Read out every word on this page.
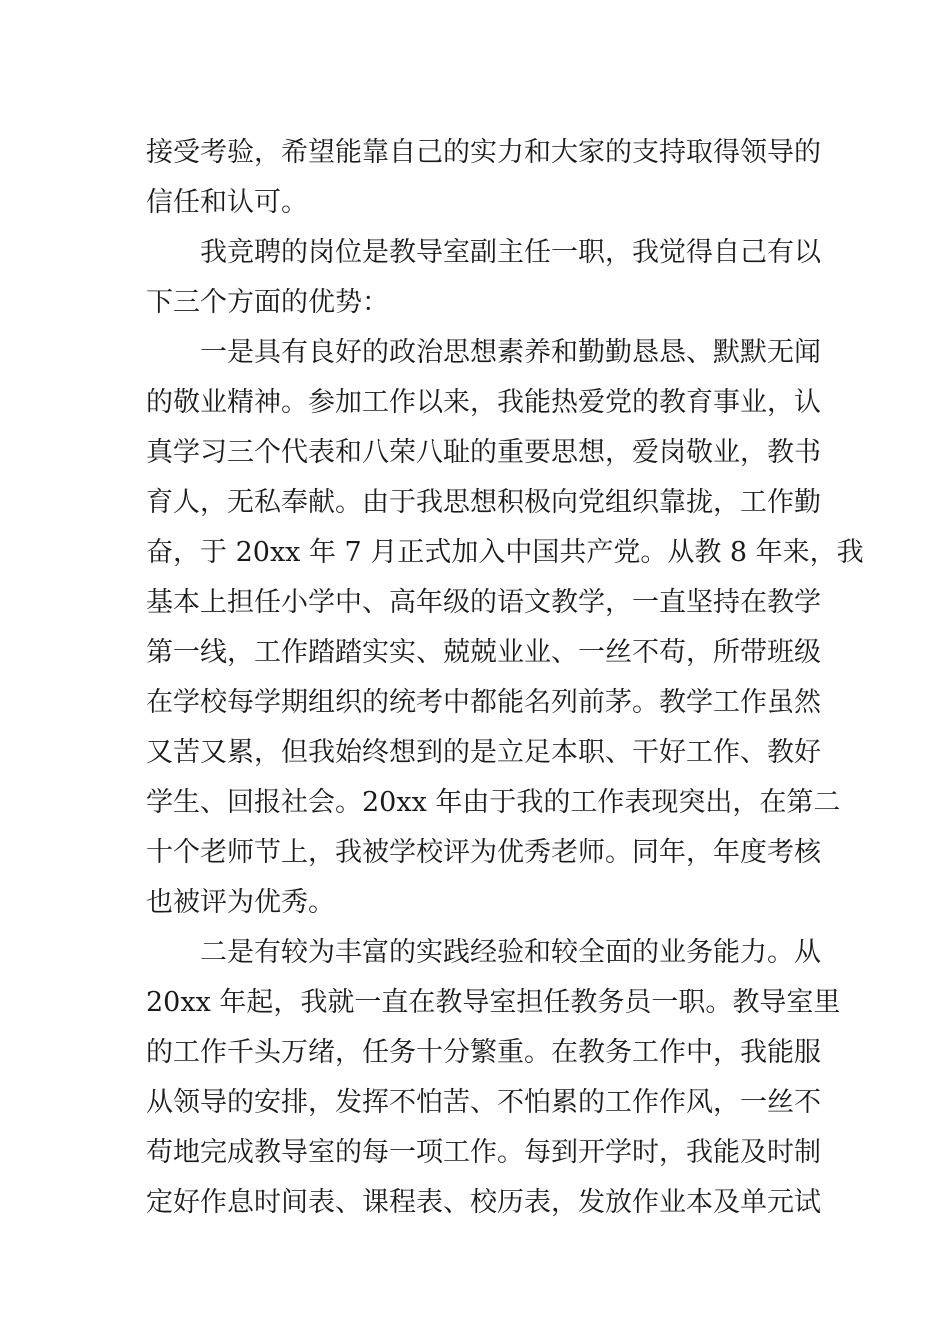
接受考验，希望能靠自己的实力和大家的支持取得领导的
信任和认可。
我竞聘的岗位是教导室副主任一职，我觉得自己有以
下三个方面的优势：
一是具有良好的政治思想素养和勤勤恳恳、默默无闻
的敬业精神。参加工作以来，我能热爱党的教育事业，认
真学习三个代表和八荣八耻的重要思想，爱岗敬业，教书
育人，无私奉献。由于我思想积极向党组织靠拢，工作勤
奋，于 20xx 年 7 月正式加入中国共产党。从教 8 年来，我
基本上担任小学中、高年级的语文教学，一直坚持在教学
第一线，工作踏踏实实、兢兢业业、一丝不苟，所带班级
在学校每学期组织的统考中都能名列前茅。教学工作虽然
又苦又累，但我始终想到的是立足本职、干好工作、教好
学生、回报社会。20xx 年由于我的工作表现突出，在第二
十个老师节上，我被学校评为优秀老师。同年，年度考核
也被评为优秀。
二是有较为丰富的实践经验和较全面的业务能力。从
20xx 年起，我就一直在教导室担任教务员一职。教导室里
的工作千头万绪，任务十分繁重。在教务工作中，我能服
从领导的安排，发挥不怕苦、不怕累的工作作风，一丝不
苟地完成教导室的每一项工作。每到开学时，我能及时制
定好作息时间表、课程表、校历表，发放作业本及单元试
